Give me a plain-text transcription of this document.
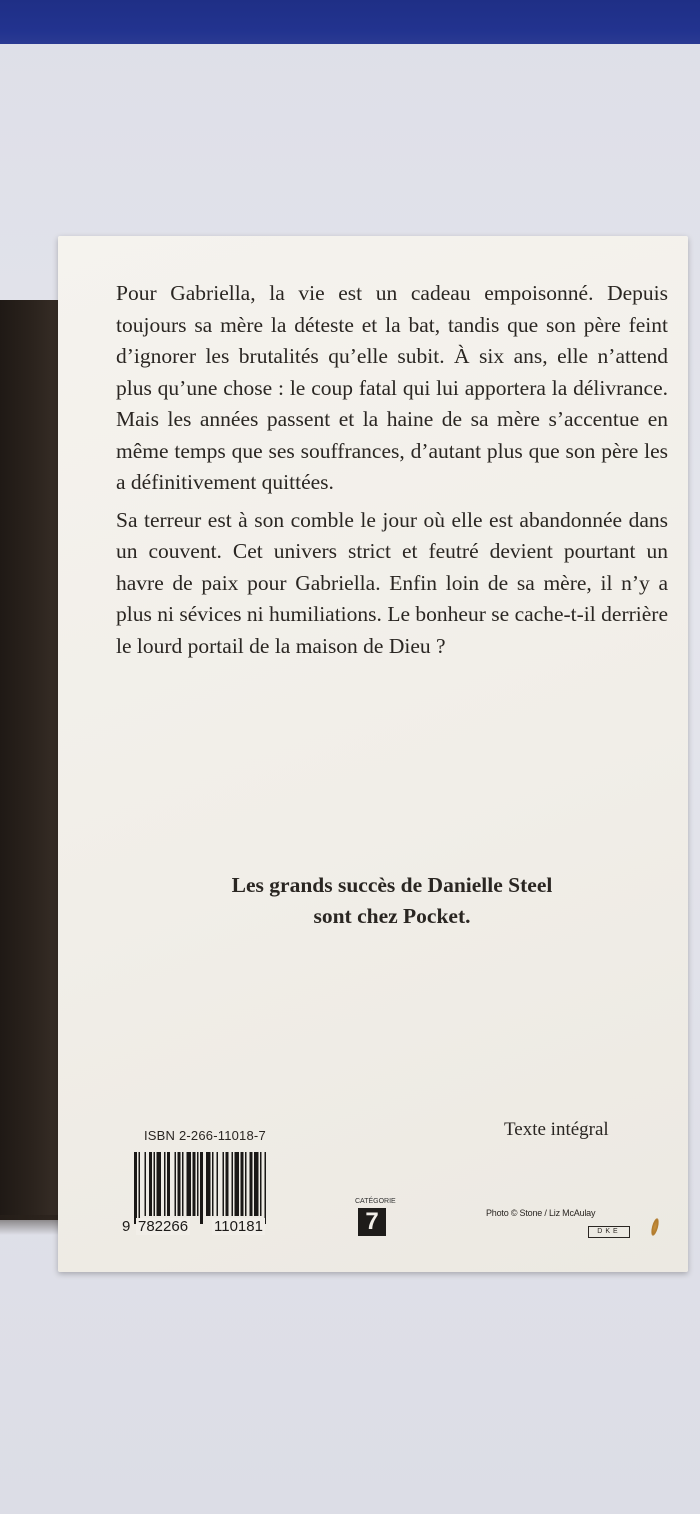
Pour Gabriella, la vie est un cadeau empoisonné. Depuis toujours sa mère la déteste et la bat, tandis que son père feint d’ignorer les brutalités qu’elle subit. À six ans, elle n’attend plus qu’une chose : le coup fatal qui lui apportera la délivrance. Mais les années passent et la haine de sa mère s’accentue en même temps que ses souffrances, d’autant plus que son père les a définitivement quittées.

Sa terreur est à son comble le jour où elle est abandonnée dans un couvent. Cet univers strict et feutré devient pourtant un havre de paix pour Gabriella. Enfin loin de sa mère, il n’y a plus ni sévices ni humiliations. Le bonheur se cache-t-il derrière le lourd portail de la maison de Dieu ?

Les grands succès de Danielle Steel
sont chez Pocket.
Texte intégral
ISBN 2-266-11018-7
9 782266 110181
CATÉGORIE
7	Photo © Stone / Liz McAulay
DKE
